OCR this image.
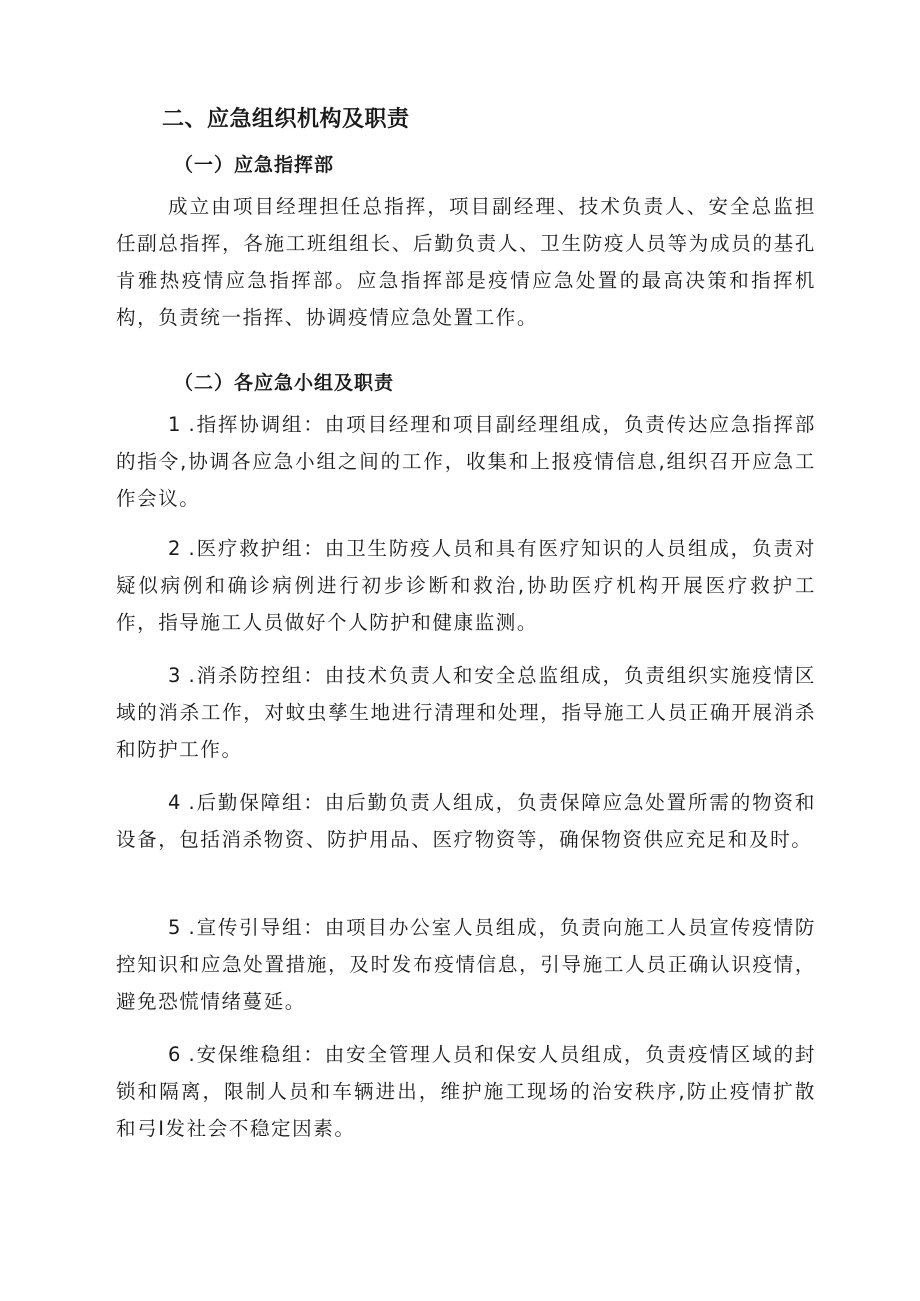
二、应急组织机构及职责
（一）应急指挥部

成立由项目经理担任总指挥，项目副经理、技术负责人、安全总监担任副总指挥，各施工班组组长、后勤负责人、卫生防疫人员等为成员的基孔肯雅热疫情应急指挥部。应急指挥部是疫情应急处置的最高决策和指挥机构，负责统一指挥、协调疫情应急处置工作。

（二）各应急小组及职责

1 .指挥协调组：由项目经理和项目副经理组成，负责传达应急指挥部的指令,协调各应急小组之间的工作，收集和上报疫情信息,组织召开应急工作会议。

2 .医疗救护组：由卫生防疫人员和具有医疗知识的人员组成，负责对疑似病例和确诊病例进行初步诊断和救治,协助医疗机构开展医疗救护工作，指导施工人员做好个人防护和健康监测。

3 .消杀防控组：由技术负责人和安全总监组成，负责组织实施疫情区域的消杀工作，对蚊虫孳生地进行清理和处理，指导施工人员正确开展消杀和防护工作。

4 .后勤保障组：由后勤负责人组成，负责保障应急处置所需的物资和设备，包括消杀物资、防护用品、医疗物资等，确保物资供应充足和及时。

5 .宣传引导组：由项目办公室人员组成，负责向施工人员宣传疫情防控知识和应急处置措施，及时发布疫情信息，引导施工人员正确认识疫情，避免恐慌情绪蔓延。

6 .安保维稳组：由安全管理人员和保安人员组成，负责疫情区域的封锁和隔离，限制人员和车辆进出，维护施工现场的治安秩序,防止疫情扩散和弓I发社会不稳定因素。
